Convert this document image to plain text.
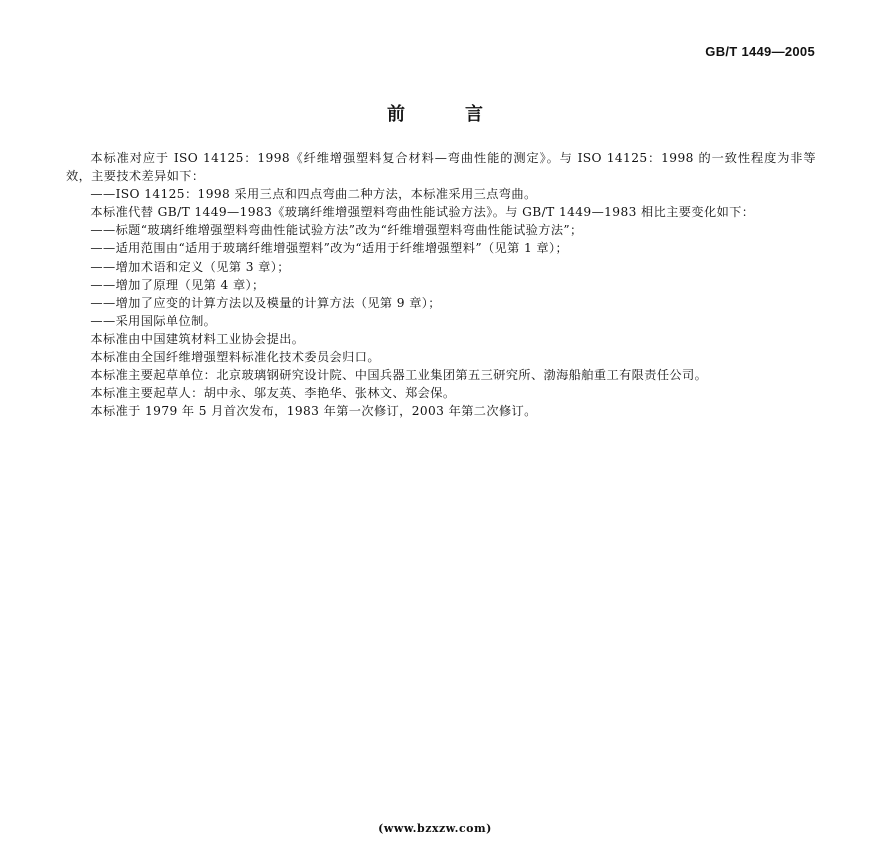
GB/T 1449—2005
前言

本标准对应于 ISO 14125：1998《纤维增强塑料复合材料—弯曲性能的测定》。与 ISO 14125：1998 的一致性程度为非等效，主要技术差异如下：

——ISO 14125：1998 采用三点和四点弯曲二种方法，本标准采用三点弯曲。

本标准代替 GB/T 1449—1983《玻璃纤维增强塑料弯曲性能试验方法》。与 GB/T 1449—1983 相比主要变化如下：

——标题“玻璃纤维增强塑料弯曲性能试验方法”改为“纤维增强塑料弯曲性能试验方法”；

——适用范围由“适用于玻璃纤维增强塑料”改为“适用于纤维增强塑料”（见第 1 章）；

——增加术语和定义（见第 3 章）；

——增加了原理（见第 4 章）；

——增加了应变的计算方法以及模量的计算方法（见第 9 章）；

——采用国际单位制。

本标准由中国建筑材料工业协会提出。

本标准由全国纤维增强塑料标准化技术委员会归口。

本标准主要起草单位：北京玻璃钢研究设计院、中国兵器工业集团第五三研究所、渤海船舶重工有限责任公司。

本标准主要起草人：胡中永、邬友英、李艳华、张林文、郑会保。

本标准于 1979 年 5 月首次发布，1983 年第一次修订，2003 年第二次修订。

(www.bzxzw.com)
